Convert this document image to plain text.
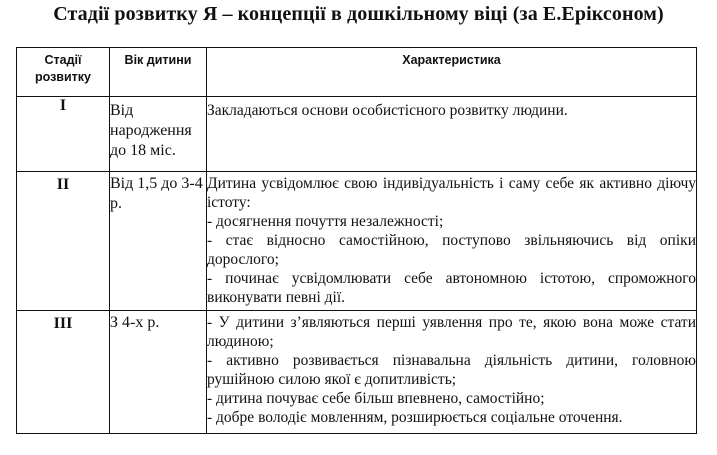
Стадії розвитку Я – концепції в дошкільному віці (за Е.Еріксоном)
Стадії розвитку	Вік дитини	Характеристика
I	Від народження до 18 міс.	Закладаються основи особистісного розвитку людини.

II	Від 1,5 до 3-4 р.	Дитина усвідомлює свою індивідуальність і саму себе як активно діючу істоту:

- досягнення почуття незалежності;

- стає відносно самостійною, поступово звільняючись від опіки дорослого;

- починає усвідомлювати себе автономною істотою, спроможного виконувати певні дії.

III	З 4-х р.	- У дитини з’являються перші уявлення про те, якою вона може стати людиною;

- активно розвивається пізнавальна діяльність дитини, головною рушійною силою якої є допитливість;

- дитина почуває себе більш впевнено, самостійно;

- добре володіє мовленням, розширюється соціальне оточення.
